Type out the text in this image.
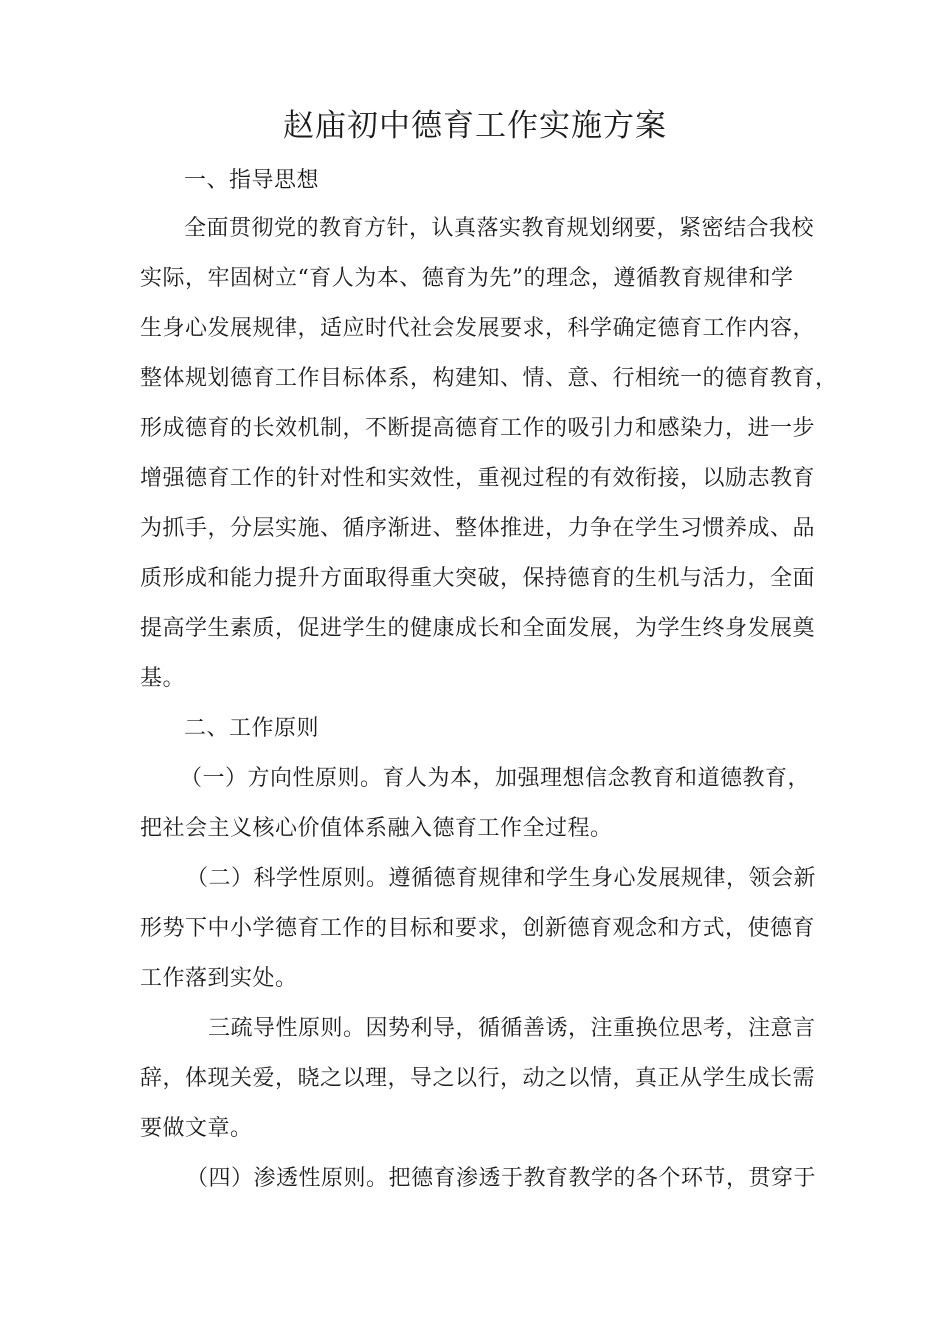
赵庙初中德育工作实施方案

一、指导思想

全面贯彻党的教育方针，认真落实教育规划纲要，紧密结合我校

实际，牢固树立“育人为本、德育为先”的理念，遵循教育规律和学

生身心发展规律，适应时代社会发展要求，科学确定德育工作内容，

整体规划德育工作目标体系，构建知、情、意、行相统一的德育教育，

形成德育的长效机制，不断提高德育工作的吸引力和感染力，进一步

增强德育工作的针对性和实效性，重视过程的有效衔接，以励志教育

为抓手，分层实施、循序渐进、整体推进，力争在学生习惯养成、品

质形成和能力提升方面取得重大突破，保持德育的生机与活力，全面

提高学生素质，促进学生的健康成长和全面发展，为学生终身发展奠

基。

二、工作原则

（一）方向性原则。育人为本，加强理想信念教育和道德教育，

把社会主义核心价值体系融入德育工作全过程。

（二）科学性原则。遵循德育规律和学生身心发展规律，领会新

形势下中小学德育工作的目标和要求，创新德育观念和方式，使德育

工作落到实处。

三疏导性原则。因势利导，循循善诱，注重换位思考，注意言

辞，体现关爱，晓之以理，导之以行，动之以情，真正从学生成长需

要做文章。

（四）渗透性原则。把德育渗透于教育教学的各个环节，贯穿于
